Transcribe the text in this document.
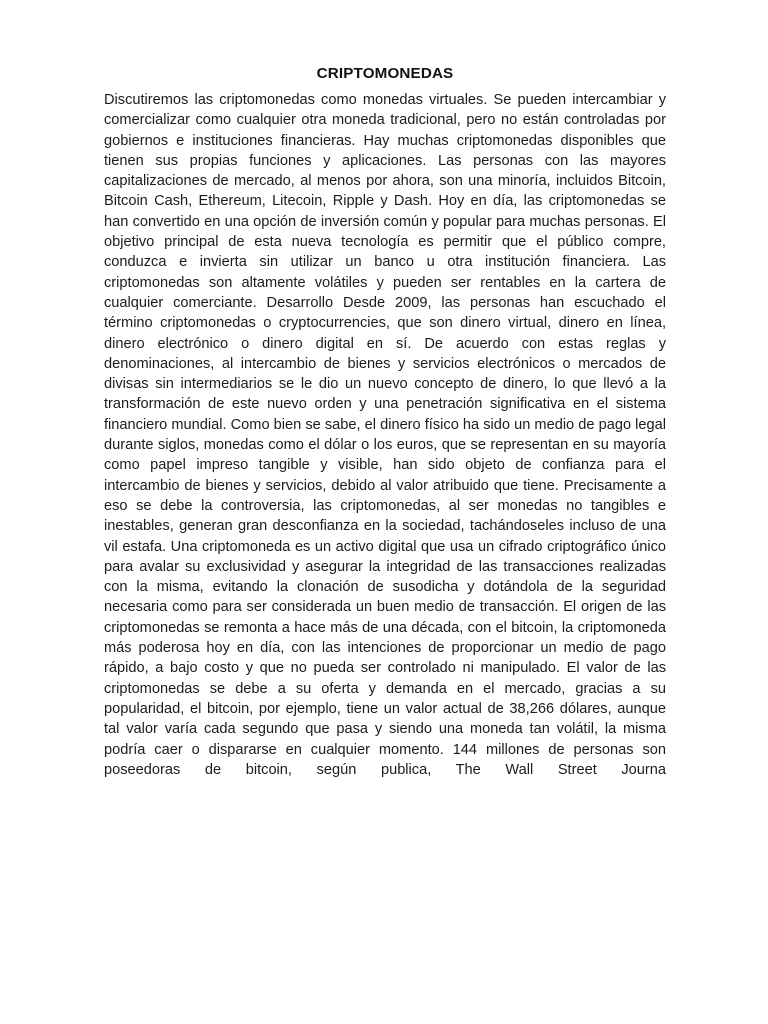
CRIPTOMONEDAS

Discutiremos las criptomonedas como monedas virtuales. Se pueden intercambiar y comercializar como cualquier otra moneda tradicional, pero no están controladas por gobiernos e instituciones financieras. Hay muchas criptomonedas disponibles que tienen sus propias funciones y aplicaciones. Las personas con las mayores capitalizaciones de mercado, al menos por ahora, son una minoría, incluidos Bitcoin, Bitcoin Cash, Ethereum, Litecoin, Ripple y Dash. Hoy en día, las criptomonedas se han convertido en una opción de inversión común y popular para muchas personas. El objetivo principal de esta nueva tecnología es permitir que el público compre, conduzca e invierta sin utilizar un banco u otra institución financiera. Las criptomonedas son altamente volátiles y pueden ser rentables en la cartera de cualquier comerciante. Desarrollo Desde 2009, las personas han escuchado el término criptomonedas o cryptocurrencies, que son dinero virtual, dinero en línea, dinero electrónico o dinero digital en sí. De acuerdo con estas reglas y denominaciones, al intercambio de bienes y servicios electrónicos o mercados de divisas sin intermediarios se le dio un nuevo concepto de dinero, lo que llevó a la transformación de este nuevo orden y una penetración significativa en el sistema financiero mundial. Como bien se sabe, el dinero físico ha sido un medio de pago legal durante siglos, monedas como el dólar o los euros, que se representan en su mayoría como papel impreso tangible y visible, han sido objeto de confianza para el intercambio de bienes y servicios, debido al valor atribuido que tiene. Precisamente a eso se debe la controversia, las criptomonedas, al ser monedas no tangibles e inestables, generan gran desconfianza en la sociedad, tachándoseles incluso de una vil estafa. Una criptomoneda es un activo digital que usa un cifrado criptográfico único para avalar su exclusividad y asegurar la integridad de las transacciones realizadas con la misma, evitando la clonación de susodicha y dotándola de la seguridad necesaria como para ser considerada un buen medio de transacción. El origen de las criptomonedas se remonta a hace más de una década, con el bitcoin, la criptomoneda más poderosa hoy en día, con las intenciones de proporcionar un medio de pago rápido, a bajo costo y que no pueda ser controlado ni manipulado. El valor de las criptomonedas se debe a su oferta y demanda en el mercado, gracias a su popularidad, el bitcoin, por ejemplo, tiene un valor actual de 38,266 dólares, aunque tal valor varía cada segundo que pasa y siendo una moneda tan volátil, la misma podría caer o dispararse en cualquier momento. 144 millones de personas son poseedoras de bitcoin, según publica, The Wall Street Journa
